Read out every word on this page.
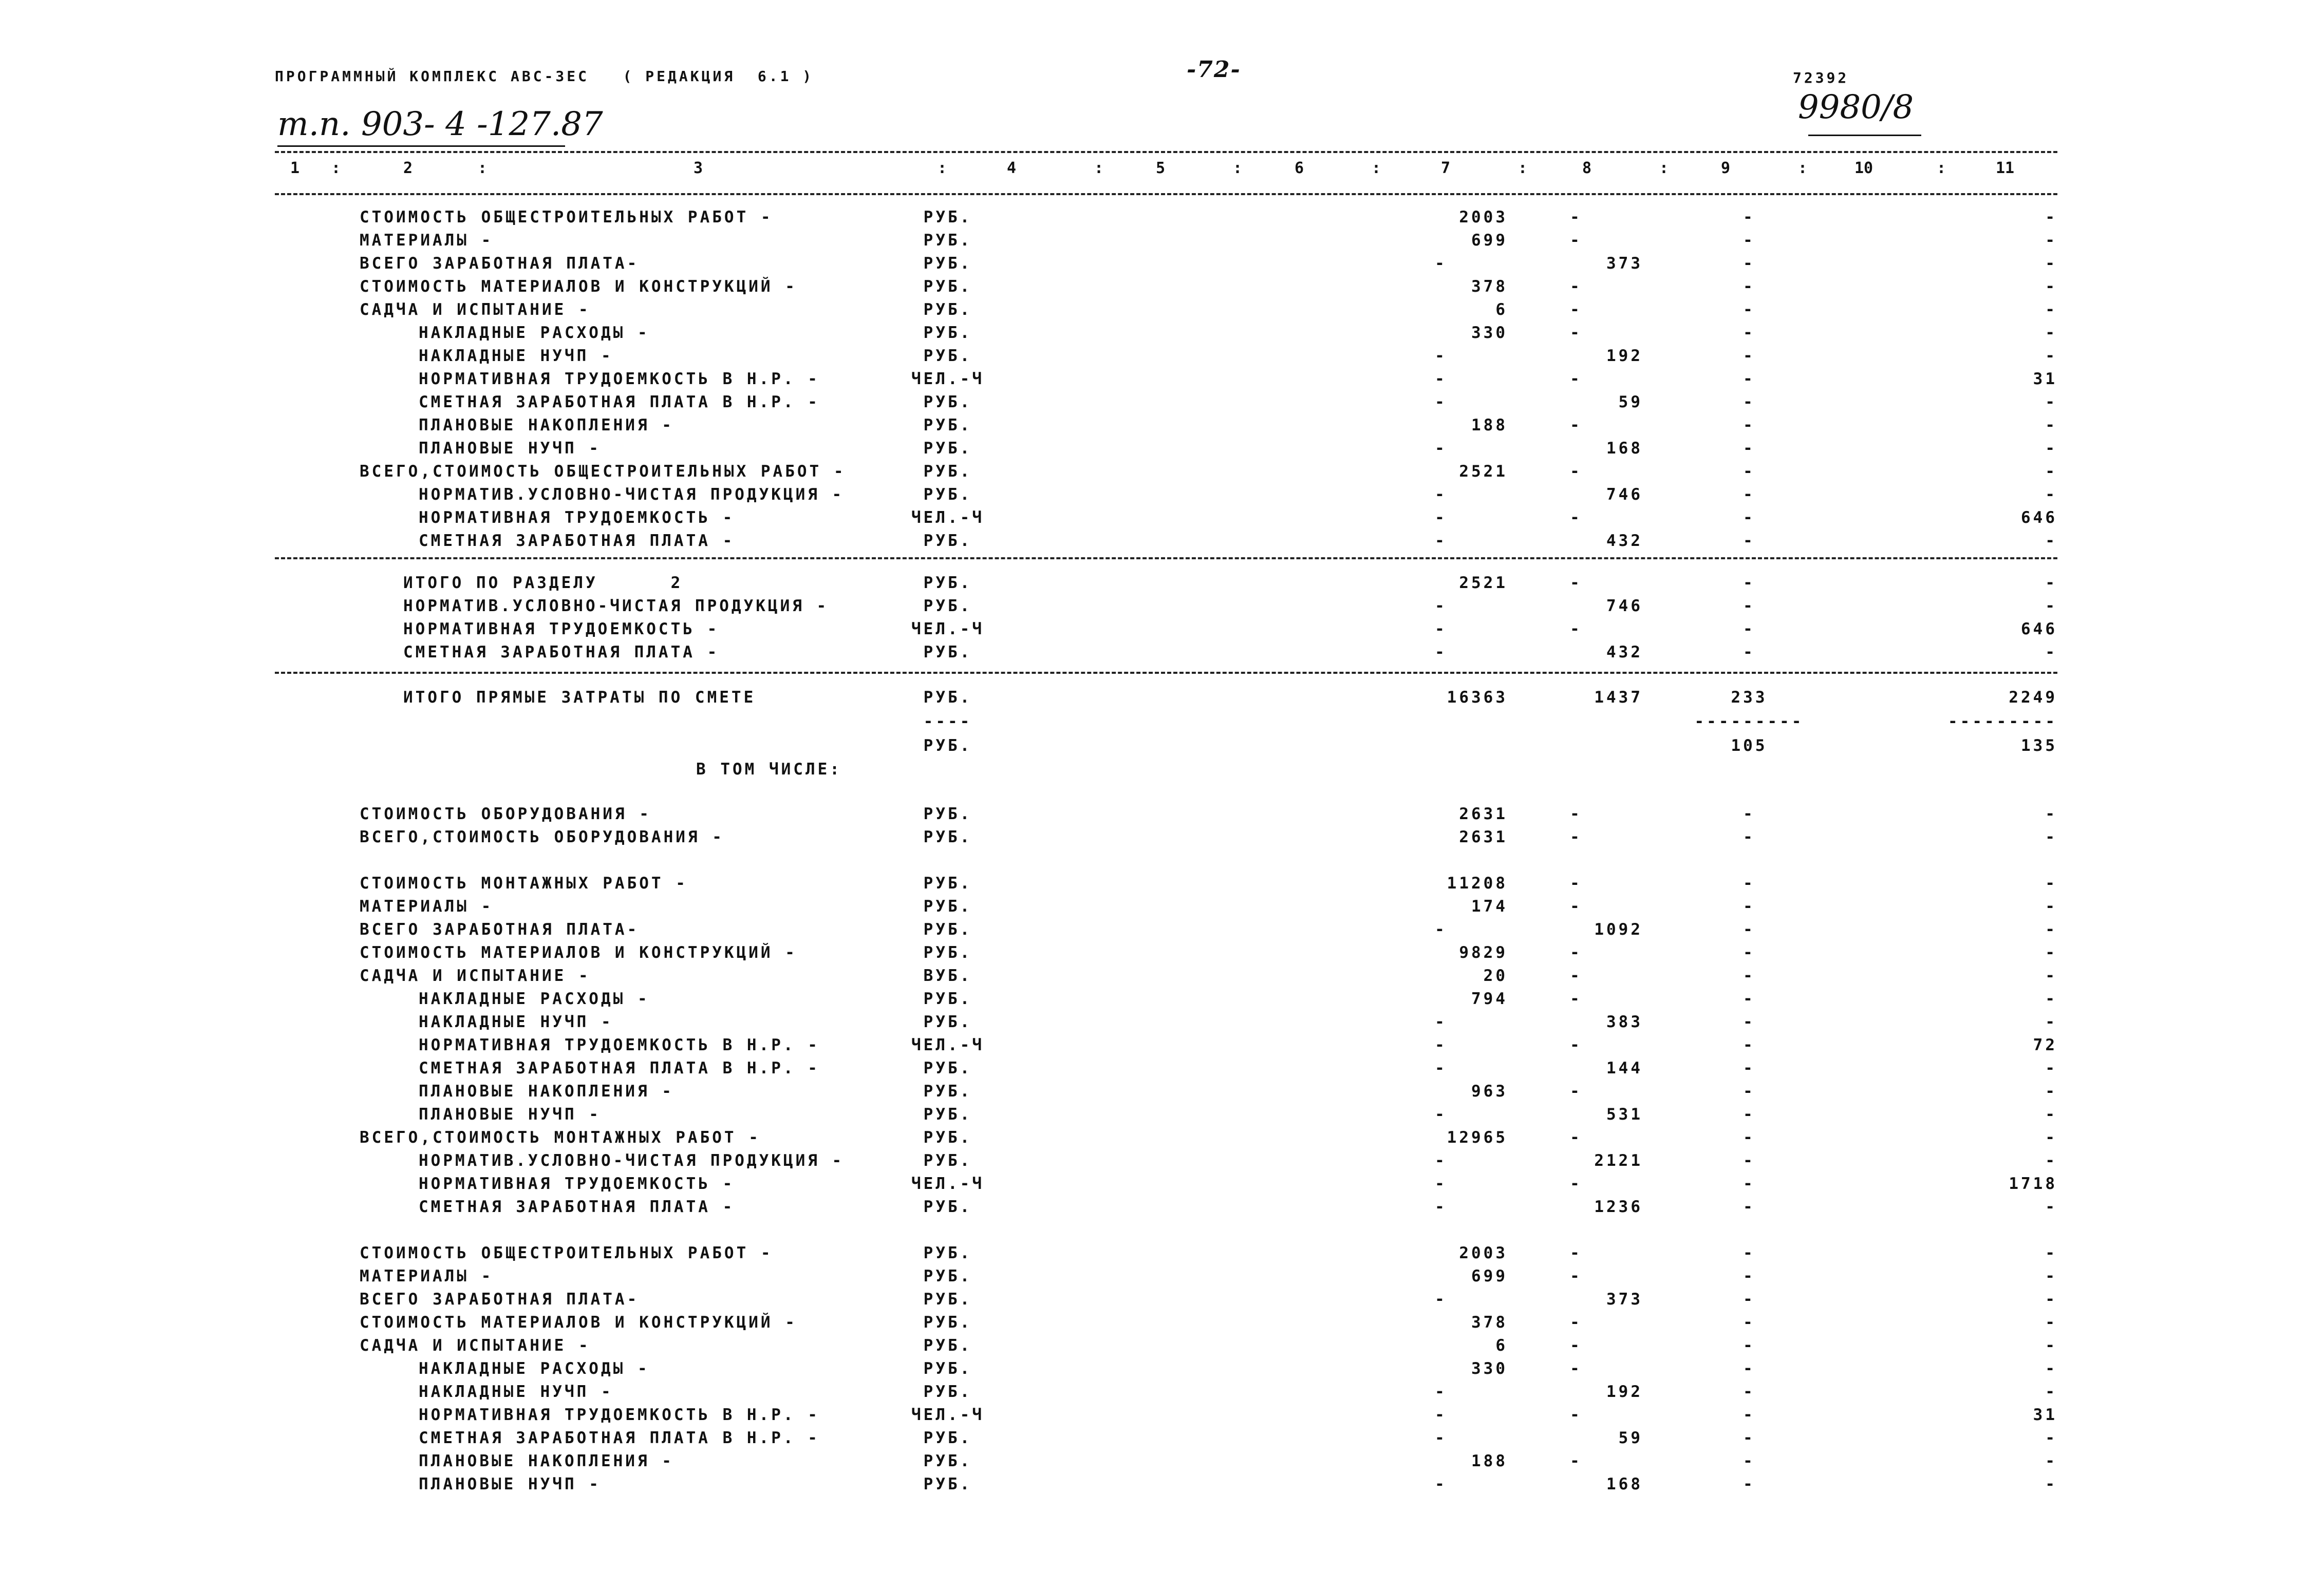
ПРОГРАММНЫЙ КОМПЛЕКС АВС-3ЕС   ( РЕДАКЦИЯ  6.1 )	-72-	72392
т.п. 903- 4 -127.87	9980/8
1 :	2	:	3	:	4	:	5	:	6	:	7	:	8	:	9	:	10	:	11
СТОИМОСТЬ ОБЩЕСТРОИТЕЛЬНЫХ РАБОТ -	РУБ.	2003	-	-	-
МАТЕРИАЛЫ -	РУБ.	699	-	-	-
ВСЕГО ЗАРАБОТНАЯ ПЛАТА-	РУБ.	-	373	-	-
СТОИМОСТЬ МАТЕРИАЛОВ И КОНСТРУКЦИЙ -	РУБ.	378	-	-	-
САДЧА И ИСПЫТАНИЕ -	РУБ.	6	-	-	-
НАКЛАДНЫЕ РАСХОДЫ -	РУБ.	330	-	-	-
НАКЛАДНЫЕ НУЧП -	РУБ.	-	192	-	-
НОРМАТИВНАЯ ТРУДОЕМКОСТЬ В Н.Р. -	ЧЕЛ.-Ч	-	-	-	31
СМЕТНАЯ ЗАРАБОТНАЯ ПЛАТА В Н.Р. -	РУБ.	-	59	-	-
ПЛАНОВЫЕ НАКОПЛЕНИЯ -	РУБ.	188	-	-	-
ПЛАНОВЫЕ НУЧП -	РУБ.	-	168	-	-
ВСЕГО,СТОИМОСТЬ ОБЩЕСТРОИТЕЛЬНЫХ РАБОТ -	РУБ.	2521	-	-	-
НОРМАТИВ.УСЛОВНО-ЧИСТАЯ ПРОДУКЦИЯ -	РУБ.	-	746	-	-
НОРМАТИВНАЯ ТРУДОЕМКОСТЬ -	ЧЕЛ.-Ч	-	-	-	646
СМЕТНАЯ ЗАРАБОТНАЯ ПЛАТА -	РУБ.	-	432	-	-
ИТОГО ПО РАЗДЕЛУ      2	РУБ.	2521	-	-	-
НОРМАТИВ.УСЛОВНО-ЧИСТАЯ ПРОДУКЦИЯ -	РУБ.	-	746	-	-
НОРМАТИВНАЯ ТРУДОЕМКОСТЬ -	ЧЕЛ.-Ч	-	-	-	646
СМЕТНАЯ ЗАРАБОТНАЯ ПЛАТА -	РУБ.	-	432	-	-
ИТОГО ПРЯМЫЕ ЗАТРАТЫ ПО СМЕТЕ	РУБ.	16363	1437	233	2249
----	---------	---------
РУБ.	105	135
В ТОМ ЧИСЛЕ:
СТОИМОСТЬ ОБОРУДОВАНИЯ -	РУБ.	2631	-	-	-
ВСЕГО,СТОИМОСТЬ ОБОРУДОВАНИЯ -	РУБ.	2631	-	-	-
СТОИМОСТЬ МОНТАЖНЫХ РАБОТ -	РУБ.	11208	-	-	-
МАТЕРИАЛЫ -	РУБ.	174	-	-	-
ВСЕГО ЗАРАБОТНАЯ ПЛАТА-	РУБ.	-	1092	-	-
СТОИМОСТЬ МАТЕРИАЛОВ И КОНСТРУКЦИЙ -	РУБ.	9829	-	-	-
САДЧА И ИСПЫТАНИЕ -	ВУБ.	20	-	-	-
НАКЛАДНЫЕ РАСХОДЫ -	РУБ.	794	-	-	-
НАКЛАДНЫЕ НУЧП -	РУБ.	-	383	-	-
НОРМАТИВНАЯ ТРУДОЕМКОСТЬ В Н.Р. -	ЧЕЛ.-Ч	-	-	-	72
СМЕТНАЯ ЗАРАБОТНАЯ ПЛАТА В Н.Р. -	РУБ.	-	144	-	-
ПЛАНОВЫЕ НАКОПЛЕНИЯ -	РУБ.	963	-	-	-
ПЛАНОВЫЕ НУЧП -	РУБ.	-	531	-	-
ВСЕГО,СТОИМОСТЬ МОНТАЖНЫХ РАБОТ -	РУБ.	12965	-	-	-
НОРМАТИВ.УСЛОВНО-ЧИСТАЯ ПРОДУКЦИЯ -	РУБ.	-	2121	-	-
НОРМАТИВНАЯ ТРУДОЕМКОСТЬ -	ЧЕЛ.-Ч	-	-	-	1718
СМЕТНАЯ ЗАРАБОТНАЯ ПЛАТА -	РУБ.	-	1236	-	-
СТОИМОСТЬ ОБЩЕСТРОИТЕЛЬНЫХ РАБОТ -	РУБ.	2003	-	-	-
МАТЕРИАЛЫ -	РУБ.	699	-	-	-
ВСЕГО ЗАРАБОТНАЯ ПЛАТА-	РУБ.	-	373	-	-
СТОИМОСТЬ МАТЕРИАЛОВ И КОНСТРУКЦИЙ -	РУБ.	378	-	-	-
САДЧА И ИСПЫТАНИЕ -	РУБ.	6	-	-	-
НАКЛАДНЫЕ РАСХОДЫ -	РУБ.	330	-	-	-
НАКЛАДНЫЕ НУЧП -	РУБ.	-	192	-	-
НОРМАТИВНАЯ ТРУДОЕМКОСТЬ В Н.Р. -	ЧЕЛ.-Ч	-	-	-	31
СМЕТНАЯ ЗАРАБОТНАЯ ПЛАТА В Н.Р. -	РУБ.	-	59	-	-
ПЛАНОВЫЕ НАКОПЛЕНИЯ -	РУБ.	188	-	-	-
ПЛАНОВЫЕ НУЧП -	РУБ.	-	168	-	-
